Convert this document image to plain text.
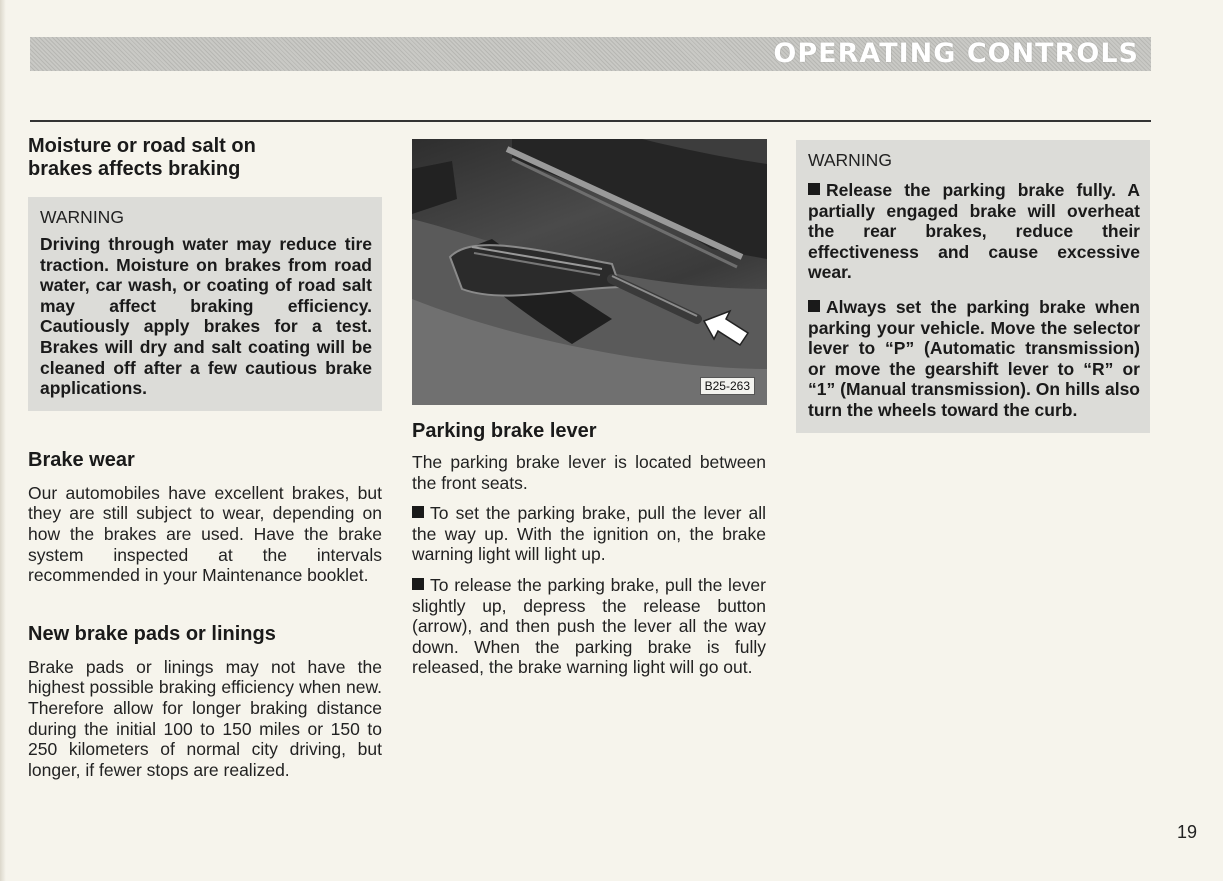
OPERATING CONTROLS
Moisture or road salt on
brakes affects braking
WARNING

Driving through water may reduce tire traction. Moisture on brakes from road water, car wash, or coating of road salt may affect braking efficiency. Cautiously apply brakes for a test. Brakes will dry and salt coating will be cleaned off after a few cautious brake applications.

Brake wear

Our automobiles have excellent brakes, but they are still subject to wear, depending on how the brakes are used. Have the brake system inspected at the intervals recommended in your Maintenance booklet.

New brake pads or linings

Brake pads or linings may not have the highest possible braking efficiency when new. Therefore allow for longer braking distance during the initial 100 to 150 miles or 150 to 250 kilometers of normal city driving, but longer, if fewer stops are realized.

B25-263
Parking brake lever

The parking brake lever is located between the front seats.

To set the parking brake, pull the lever all the way up. With the ignition on, the brake warning light will light up.

To release the parking brake, pull the lever slightly up, depress the release button (arrow), and then push the lever all the way down. When the parking brake is fully released, the brake warning light will go out.

WARNING

Release the parking brake fully. A partially engaged brake will overheat the rear brakes, reduce their effectiveness and cause excessive wear.

Always set the parking brake when parking your vehicle. Move the selector lever to “P” (Automatic transmission) or move the gearshift lever to “R” or “1” (Manual transmission). On hills also turn the wheels toward the curb.

19
